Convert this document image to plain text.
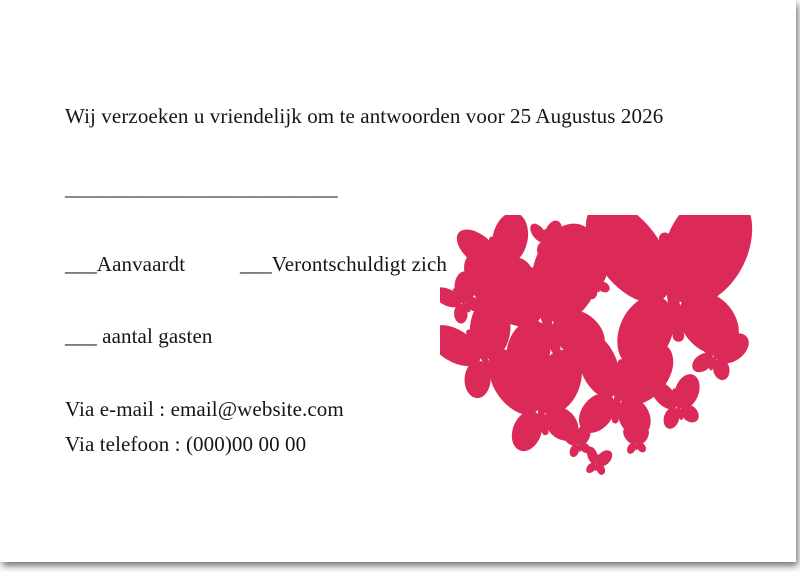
Wij verzoeken u vriendelijk om te antwoorden voor 25 Augustus 2026
___________________________
___Aanvaardt	___Verontschuldigt zich
___ aantal gasten
Via e-mail : email@website.com
Via telefoon : (000)00 00 00
